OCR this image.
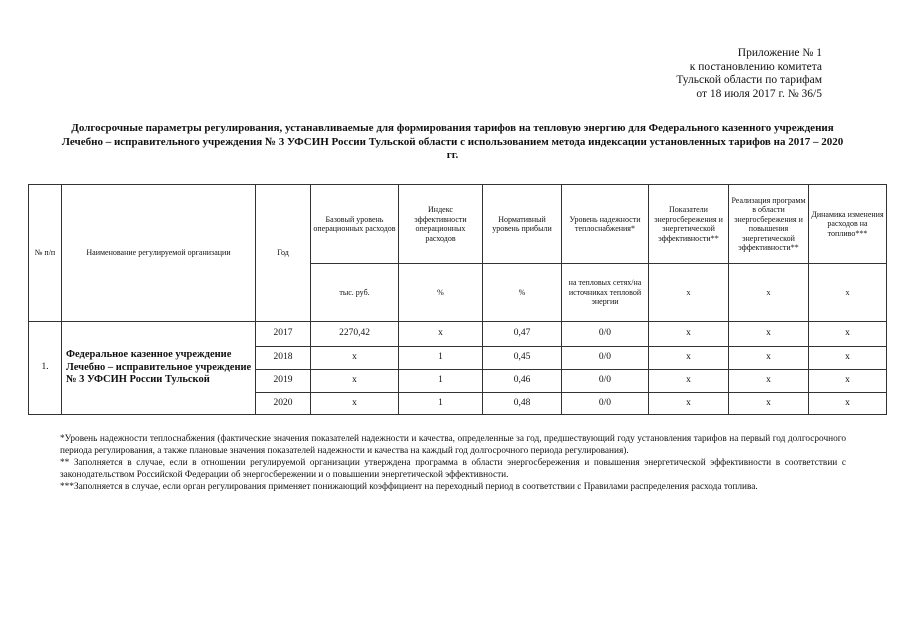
Приложение № 1
к постановлению комитета
Тульской области по тарифам
от 18 июля 2017 г. № 36/5
Долгосрочные параметры регулирования, устанавливаемые для формирования тарифов на тепловую энергию для Федерального казенного учреждения Лечебно – исправительного учреждения № 3 УФСИН России Тульской области с использованием метода индексации установленных тарифов на 2017 – 2020 гг.
№ п/п	Наименование регулируемой организации	Год	Базовый уровень операционных расходов	Индекс эффективности операционных расходов	Нормативный уровень прибыли	Уровень надежности теплоснабжения*	Показатели энергосбережения и энергетической эффективности**	Реализация программ в области энергосбережения и повышения энергетической эффективности**	Динамика изменения расходов на топливо***
			тыс. руб.	%	%	на тепловых сетях/на источниках тепловой энергии	х	х	х
1.	Федеральное казенное учреждение Лечебно – исправительное учреждение № 3 УФСИН России Тульской	2017	2270,42	х	0,47	0/0	х	х	х
		2018	х	1	0,45	0/0	х	х	х
		2019	х	1	0,46	0/0	х	х	х
		2020	х	1	0,48	0/0	х	х	х

*Уровень надежности теплоснабжения (фактические значения показателей надежности и качества, определенные за год, предшествующий году установления тарифов на первый год долгосрочного периода регулирования, а также плановые значения показателей надежности и качества на каждый год долгосрочного периода регулирования).

** Заполняется в случае, если в отношении регулируемой организации утверждена программа в области энергосбережения и повышения энергетической эффективности в соответствии с законодательством Российской Федерации об энергосбережении и о повышении энергетической эффективности.

***Заполняется в случае, если орган регулирования применяет понижающий коэффициент на переходный период в соответствии с Правилами распределения расхода топлива.
